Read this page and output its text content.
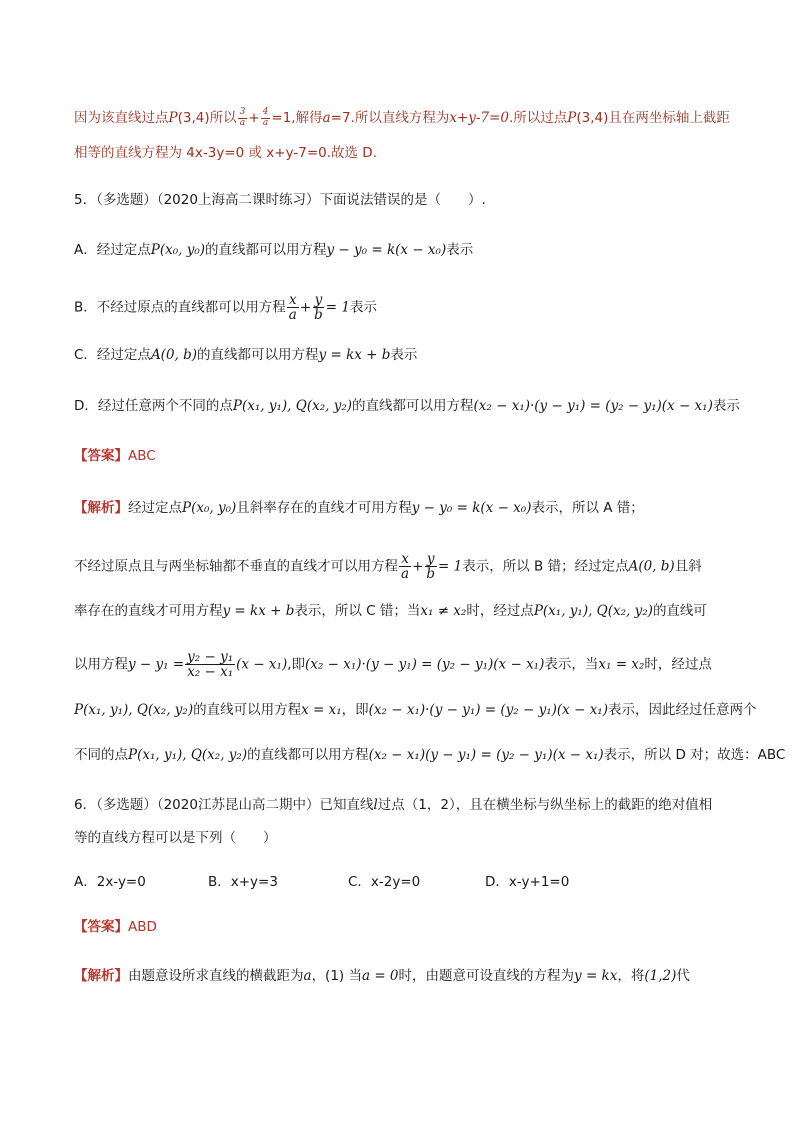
因为该直线过点P(3,4)所以 $\frac{3}{a} + \frac{4}{a} =1$,解得a=7.所以直线方程为x+y-7=0.所以过点P(3,4)且在两坐标轴上截距
相等的直线方程为 4x-3y=0 或 x+y-7=0.故选 D.
5．（多选题）（2020上海高二课时练习）下面说法错误的是（　　）.
A．经过定点P(x₀, y₀)的直线都可以用方程y − y₀ = k(x − x₀)表示
B．不经过原点的直线都可以用方程 $\frac{x}{a} + \frac{y}{b} = 1$表示
C．经过定点A(0, b)的直线都可以用方程y = kx + b表示
D．经过任意两个不同的点P(x₁, y₁), Q(x₂, y₂)的直线都可以用方程(x₂ − x₁)·(y − y₁) = (y₂ − y₁)(x − x₁)表示
【答案】ABC
【解析】经过定点P(x₀, y₀)且斜率存在的直线才可用方程y − y₀ = k(x − x₀)表示，所以 A 错；
不经过原点且与两坐标轴都不垂直的直线才可以用方程 $\frac{x}{a} + \frac{y}{b} = 1$表示，所以 B 错；经过定点A(0, b)且斜
率存在的直线才可用方程y = kx + b表示，所以 C 错；当x₁ ≠ x₂时，经过点P(x₁, y₁), Q(x₂, y₂)的直线可
以用方程$y - y_1 = \frac{\text{y₂ − y₁}}{\text{x₂ − x₁}} (x - x_1)$,即(x₂ − x₁)·(y − y₁) = (y₂ − y₁)(x − x₁)表示，当x₁ = x₂时，经过点
P(x₁, y₁), Q(x₂, y₂)的直线可以用方程x = x₁，即(x₂ − x₁)·(y − y₁) = (y₂ − y₁)(x − x₁)表示，因此经过任意两个
不同的点P(x₁, y₁), Q(x₂, y₂)的直线都可以用方程(x₂ − x₁)(y − y₁) = (y₂ − y₁)(x − x₁)表示，所以 D 对；故选：ABC
6．（多选题）（2020江苏昆山高二期中）已知直线l过点（1，2），且在横坐标与纵坐标上的截距的绝对值相
等的直线方程可以是下列（　　）
A．2x-y=0	B．x+y=3	C．x-2y=0	D．x-y+1=0
【答案】ABD
【解析】由题意设所求直线的横截距为a，(1) 当a = 0时，由题意可设直线的方程为y = kx，将(1,2)代
